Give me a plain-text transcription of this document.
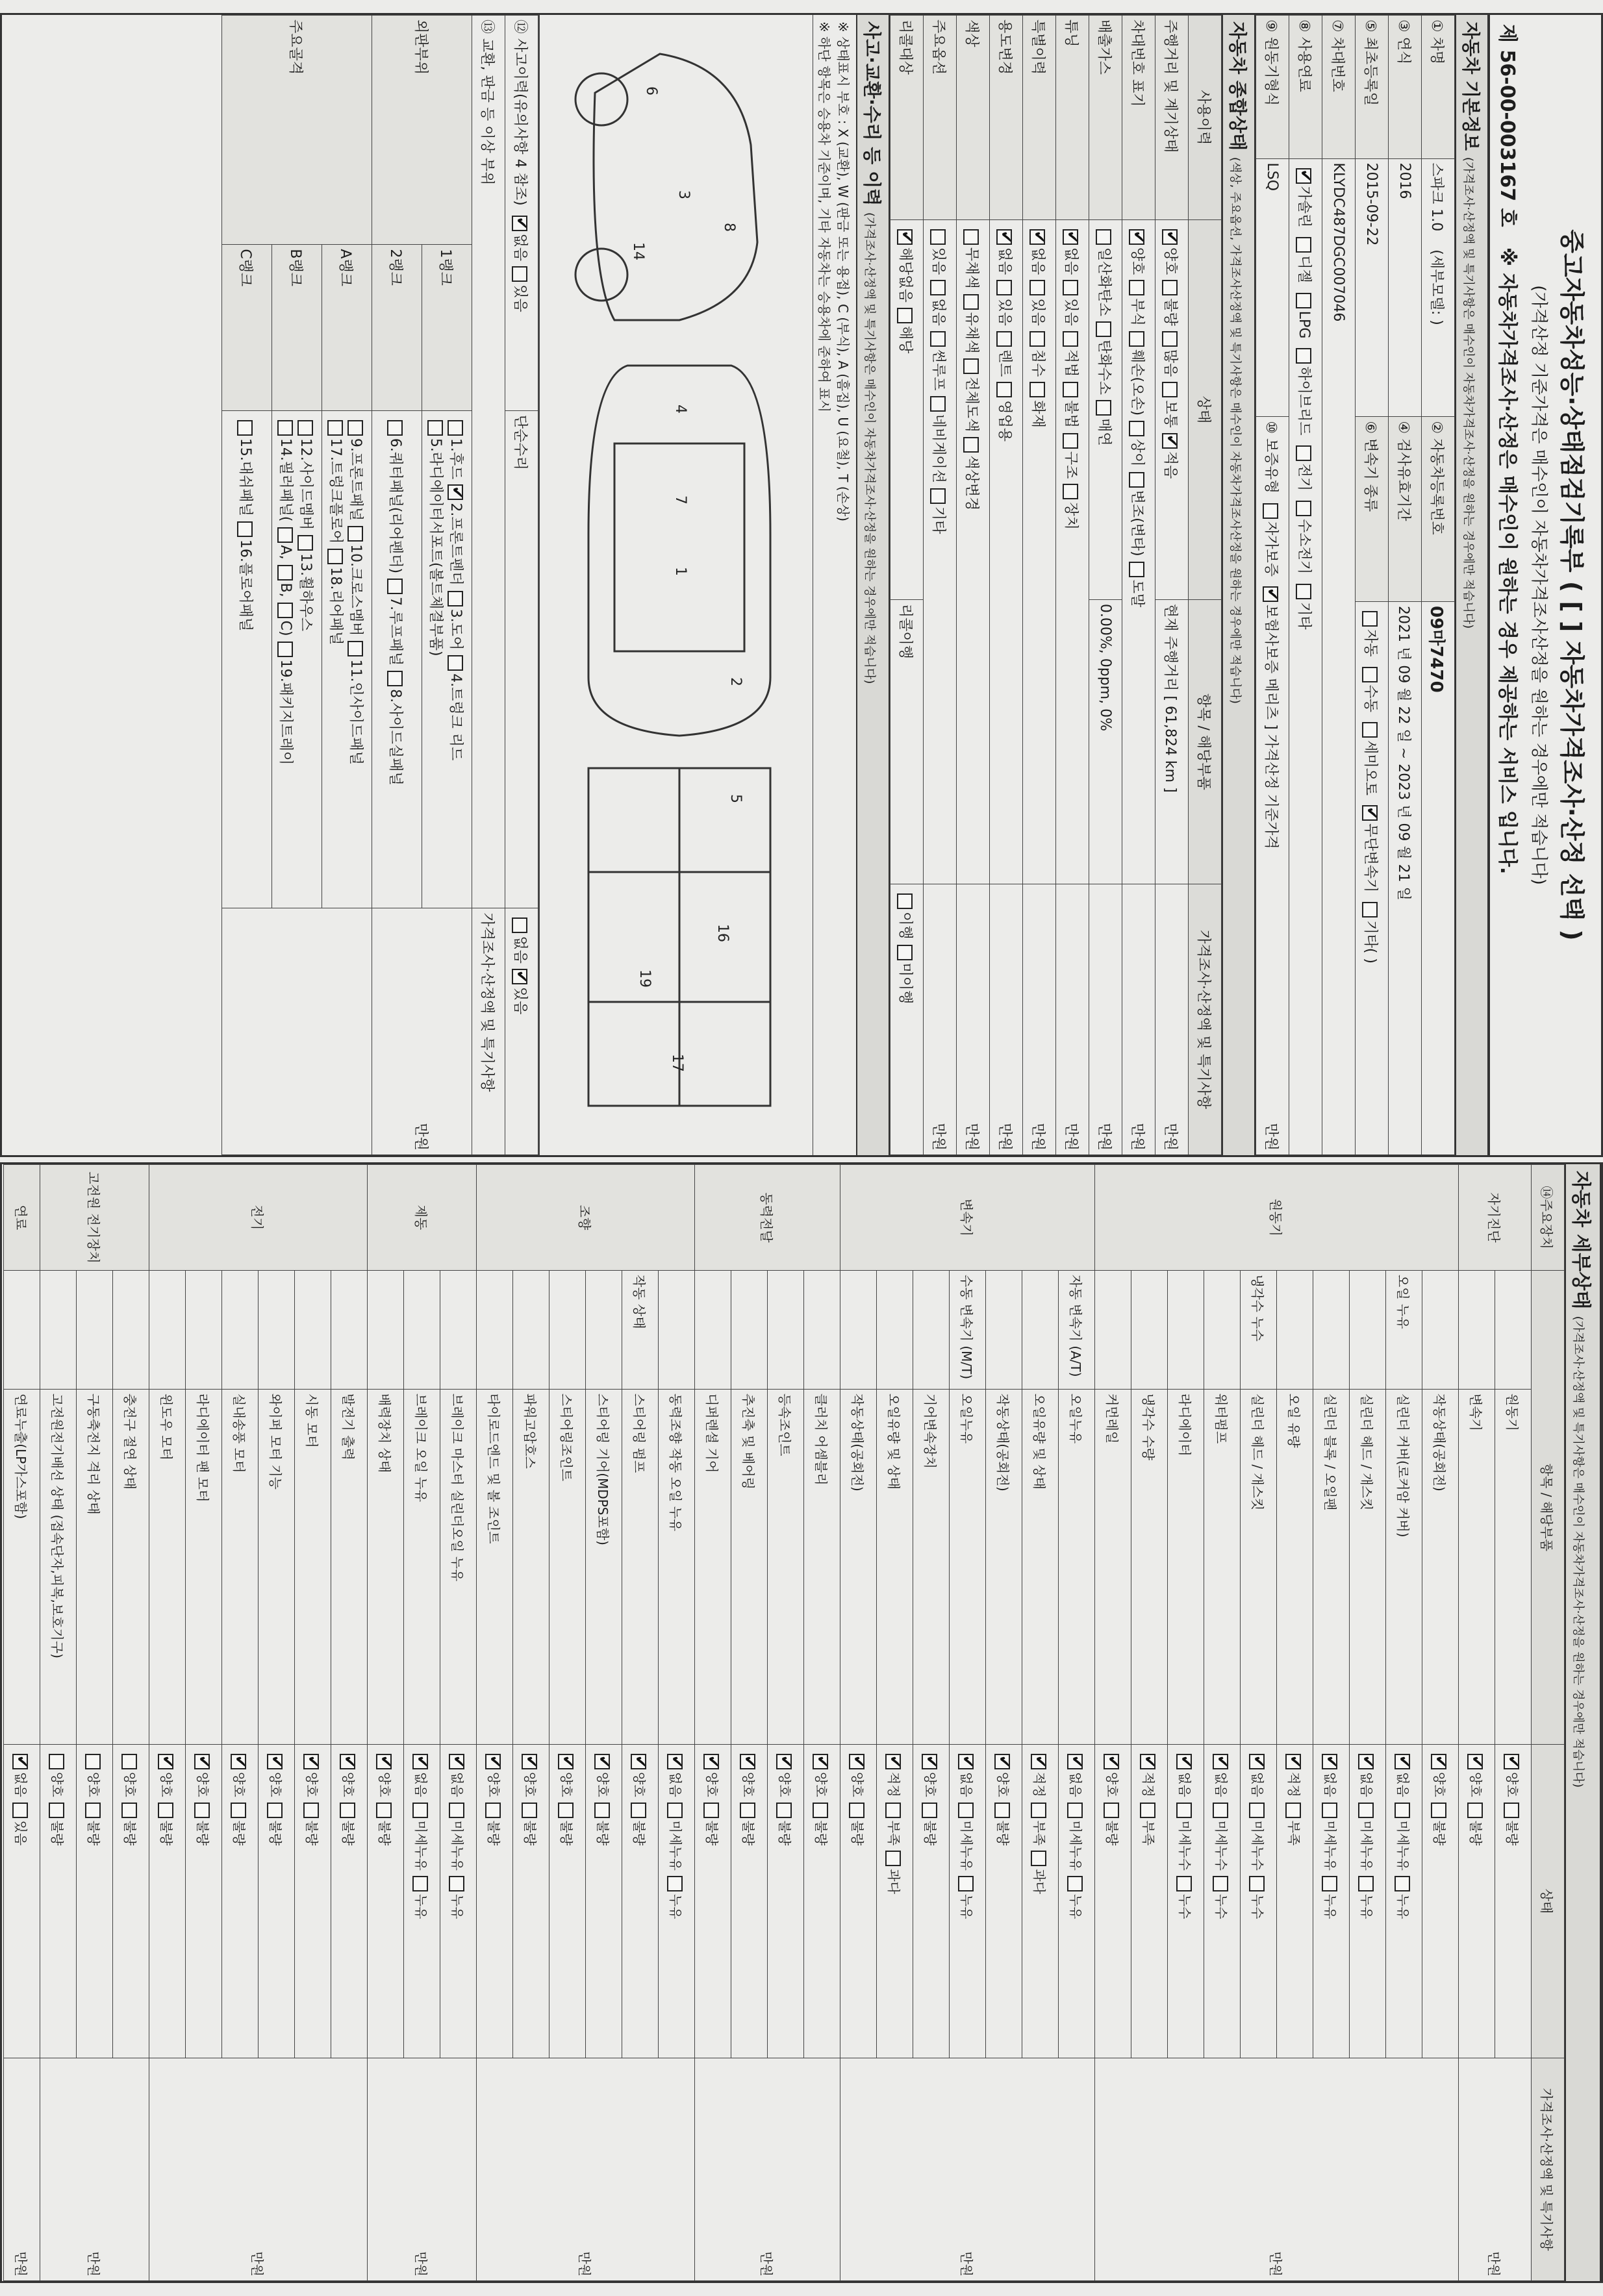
중고자동차성능·상태점검기록부 ( [ ] 자동차가격조사·산정 선택 )
(가격산정 기준가격은 매수인이 자동차가격조사산정을 원하는 경우에만 적습니다)
제 56-00-003167 호   ※ 자동차가격조사·산정은 매수인이 원하는 경우 제공하는 서비스 입니다.
자동차 기본정보 (가격조사·산정액 및 특기사항은 매수인이 자동차가격조사·산정을 원하는 경우에만 적습니다)
① 차명	스파크 1.0    (세부모델: )	② 자동차등록번호	09마7470
③ 연식	2016	④ 검사유효기간	2021 년 09 월 22 일 ~ 2023 년 09 월 21 일
⑤ 최초등록일	2015-09-22	⑥ 변속기 종류	자동 수동 세미오토 ✔무단변속기 기타( )
⑦ 차대번호	KLYDC487DGC007046		
⑧ 사용연료	✔가솔린 디젤 LPG 하이브리드 전기 수소전기 기타
⑨ 원동기형식	LSQ	⑩ 보증유형 자가보증 ✔보험사보증 메리츠 ] 가격산정 기준가격
만원
자동차 종합상태 (색상, 주요옵션, 가격조사산정액 및 특기사항은 매수인이 자동차가격조사산정을 원하는 경우에만 적습니다)
사용이력	상태	항목 / 해당부품	가격조사·산정액 및 특기사항
주행거리 및 계기상태	✔양호불량많음보통✔적음	현재 주행거리 [ 61,824 km ]	만원
차대번호 표기	✔양호부식훼손(오손)상이변조(변타)도말		만원
배출가스	일산화탄소탄화수소매연	0.00%, 0ppm, 0%	만원
튜닝	✔없음있음적법불법구조장치		만원
특별이력	✔없음있음침수화재		만원
용도변경	✔없음있음렌트영업용		만원
색상	무채색유채색전체도색색상변경		만원
주요옵션	있음없음썬루프네비게이션기타		만원
리콜대상	✔해당없음해당	리콜이행	이행미이행
사고·교환·수리 등 이력 (가격조사·산정액 및 특기사항은 매수인이 자동차가격조사·산정을 원하는 경우에만 적습니다)
※ 상태표시 부호 : X (교환), W (판금 또는 용접), C (부식), A (흠집), U (요철), T (손상)
※ 하단 항목은 승용차 기준이며, 기타 자동차는 승용차에 준하여 표시
1
2
3
4
5
6
7
8
14
16
17
19
⑫ 사고이력(유의사항 4 참조) ✔없음있음		단순수리	없음✔있음
⑬ 교환, 판금 등 이상 부위			가격조사·산정액 및 특기사항
외판부위	1랭크	1.후드✔2.프론트펜더3.도어4.트렁크 리드
5.라디에이터서포트(볼트체결부품)	만원
	2랭크	6.쿼터패널(리어펜더)7.루프패널8.사이드실패널	
주요골격	A랭크	9.프론트패널10.크로스멤버11.인사이드패널
17.트렁크플로어18.리어패널	
	B랭크	12.사이드멤버13.휠하우스
14.필러패널(A,B,C)19.패키지트레이	
	C랭크	15.대쉬패널16.플로어패널	
자동차 세부상태 (가격조사·산정액 및 특기사항은 매수인이 자동차가격조사·산정을 원하는 경우에만 적습니다)
⑭주요장치	항목 / 해당부품		상태	가격조사·산정액 및 특기사항
자기진단		원동기	✔양호불량	만원
		변속기	✔양호불량
원동기		작동상태(공회전)	✔양호불량	만원
	오일 누유	실린더 커버(로커암 커버)	✔없음미세누유누유
		실린더 헤드 / 개스킷	✔없음미세누유누유
		실린더 블록 / 오일팬	✔없음미세누유누유
		오일 유량	✔적정부족
	냉각수 누수	실린더 헤드 / 개스킷	✔없음미세누수누수
		워터펌프	✔없음미세누수누수
		라디에이터	✔없음미세누수누수
		냉각수 수량	✔적정부족
		커먼레일	✔양호불량
변속기	자동 변속기 (A/T)	오일누유	✔없음미세누유누유	만원
		오일유량 및 상태	✔적정부족과다
		작동상태(공회전)	✔양호불량
	수동 변속기 (M/T)	오일누유	✔없음미세누유누유
		기어변속장치	✔양호불량
		오일유량 및 상태	✔적정부족과다
		작동상태(공회전)	✔양호불량
동력전달		클러치 어셈블리	✔양호불량	만원
		등속조인트	✔양호불량
		추진축 및 베어링	✔양호불량
		디퍼렌셜 기어	✔양호불량
조향		동력조향 작동 오일 누유	✔없음미세누유누유	만원
	작동 상태	스티어링 펌프	✔양호불량
		스티어링 기어(MDPS포함)	✔양호불량
		스티어링조인트	✔양호불량
		파워고압호스	✔양호불량
		타이로드엔드 및 볼 조인트	✔양호불량
제동		브레이크 마스터 실린더오일 누유	✔없음미세누유누유	만원
		브레이크 오일 누유	✔없음미세누유누유
		배력장치 상태	✔양호불량
전기		발전기 출력	✔양호불량	만원
		시동 모터	✔양호불량
		와이퍼 모터 기능	✔양호불량
		실내송풍 모터	✔양호불량
		라디에이터 팬 모터	✔양호불량
		윈도우 모터	✔양호불량
고전원 전기장치		충전구 절연 상태	양호불량	만원
		구동축전지 격리 상태	양호불량	
		고전원전기배선 상태 (접속단자,피복,보호기구)	양호불량	
연료		연료누출(LP가스포함)	✔없음있음	만원
